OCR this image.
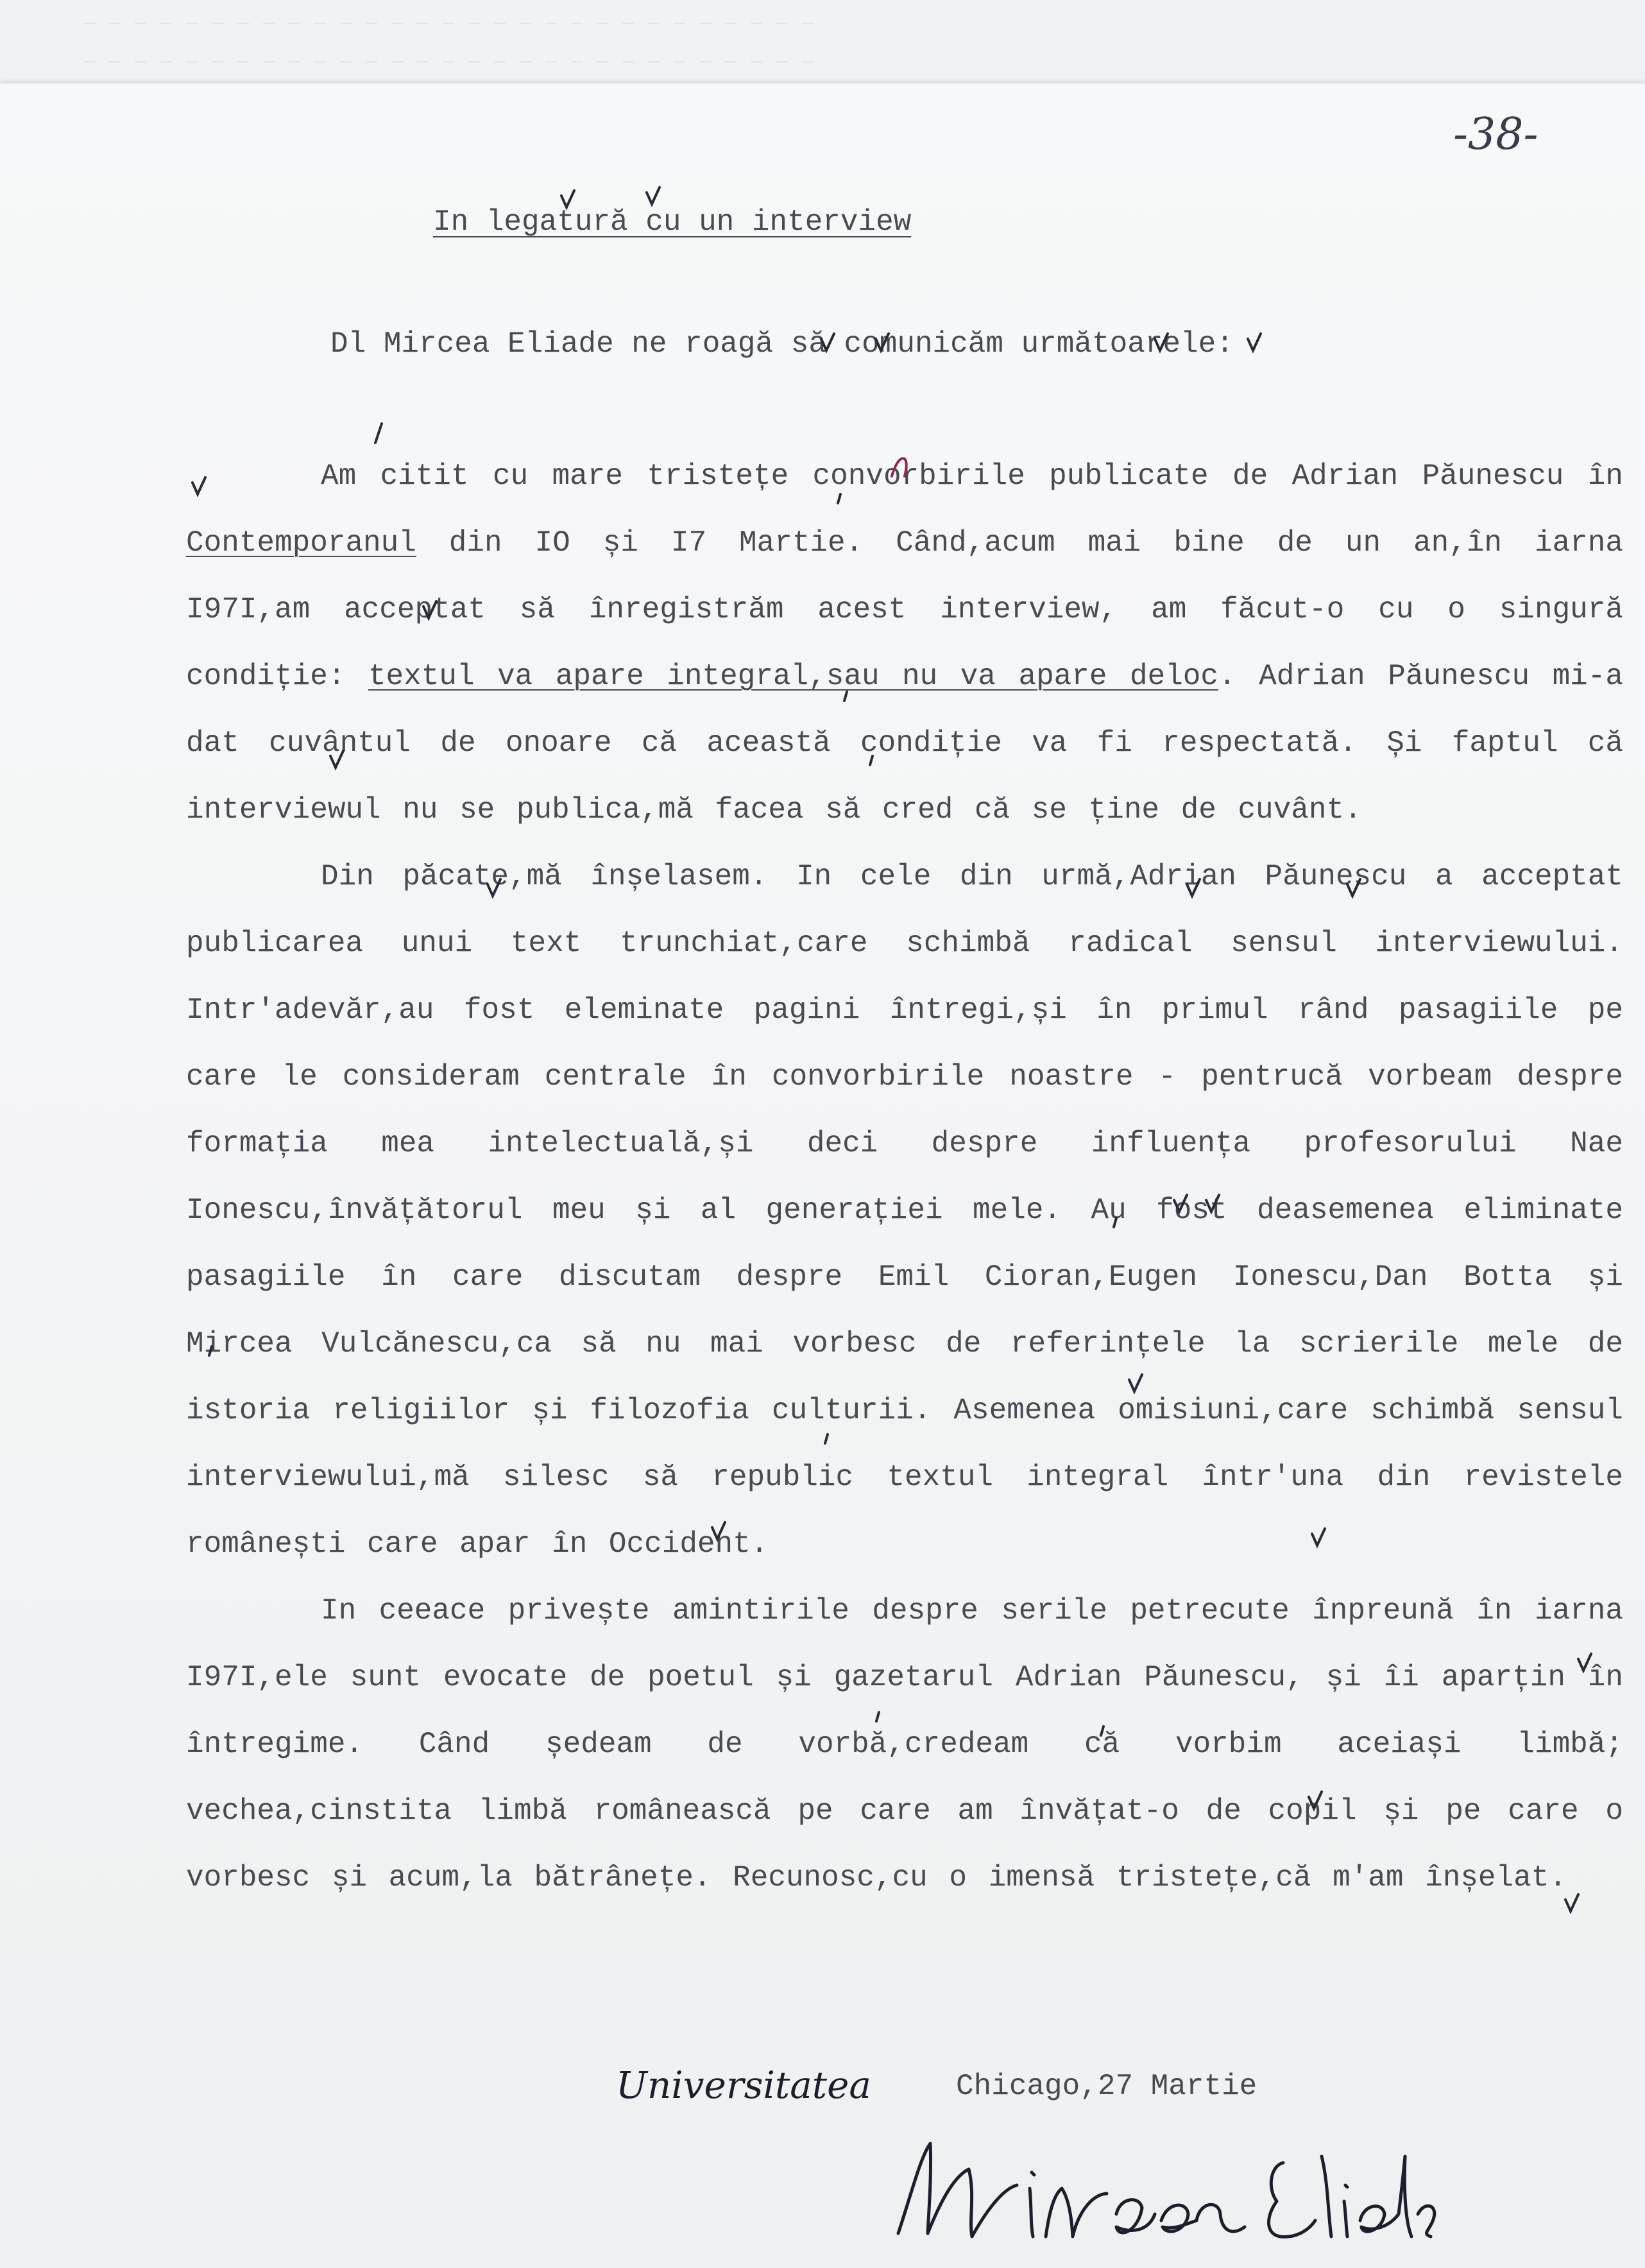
— — — — — — — — — — — — — — — — — — — — — — — — — — — — —
— — — — — — — — — — — — — — — — — — — — — — — — — — — — —
-38-
In legatură cu un interview
Dl Mircea Eliade ne roagă să comunicăm următoarele:

Am citit cu mare tristețe convorbirile publicate de Adrian Păunescu în Contemporanul din IO și I7 Martie. Când,acum mai bine de un an,în iarna I97I,am acceptat să înregistrăm acest interview, am făcut-o cu o singură condiție: textul va apare integral,sau nu va apare deloc. Adrian Păunescu mi-a dat cuvântul de onoare că această condiție va fi respectată. Și faptul că interviewul nu se publica,mă facea să cred că se ține de cuvânt.

Din păcate,mă înșelasem. In cele din urmă,Adrian Păunescu a acceptat publicarea unui text trunchiat,care schimbă radical sensul interviewului. Intr'adevăr,au fost eleminate pagini întregi,și în primul rând pasagiile pe care le consideram centrale în convorbirile noastre - pentrucă vorbeam despre formația mea intelectuală,și deci despre influența profesorului Nae Ionescu,învățătorul meu și al generației mele. Au fost deasemenea eliminate pasagiile în care discutam despre Emil Cioran,Eugen Ionescu,Dan Botta și Mircea Vulcănescu,ca să nu mai vorbesc de referințele la scrierile mele de istoria religiilor și filozofia culturii. Asemenea omisiuni,care schimbă sensul interviewului,mă silesc să republic textul integral într'una din revistele românești care apar în Occident.

In ceeace privește amintirile despre serile petrecute înpreună în iarna I97I,ele sunt evocate de poetul și gazetarul Adrian Păunescu, și îi aparțin în întregime. Când ședeam de vorbă,credeam că vorbim aceiași limbă; vechea,cinstita limbă românească pe care am învățat-o de copil și pe care o vorbesc și acum,la bătrânețe. Recunosc,cu o imensă tristețe,că m'am înșelat.

Universitatea	Chicago,27 Martie
